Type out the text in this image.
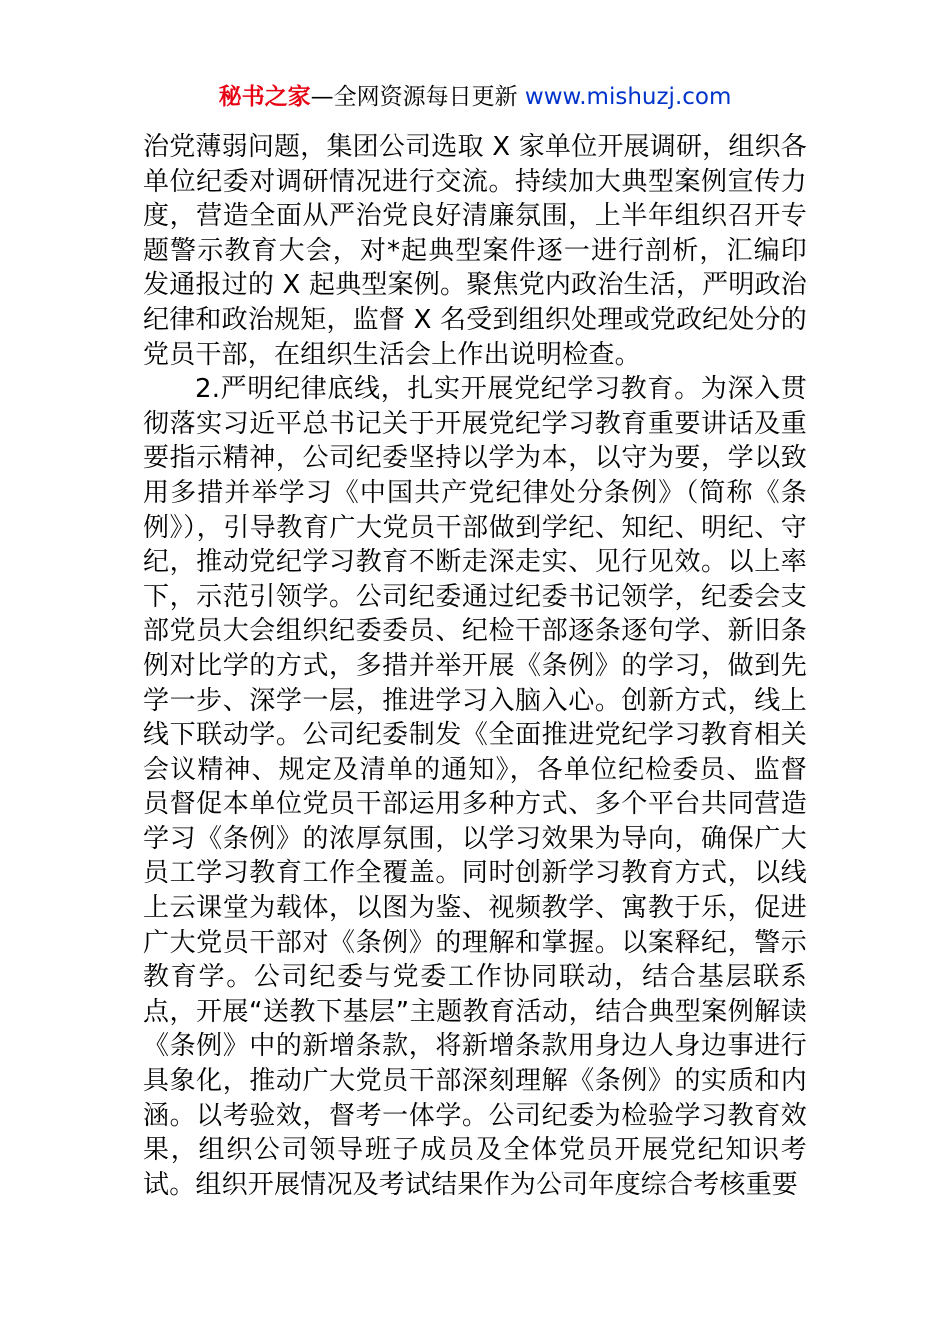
秘书之家—全网资源每日更新 www.mishuzj.com

治党薄弱问题，集团公司选取 X 家单位开展调研，组织各单位纪委对调研情况进行交流。持续加大典型案例宣传力度，营造全面从严治党良好清廉氛围，上半年组织召开专题警示教育大会，对*起典型案件逐一进行剖析，汇编印发通报过的 X 起典型案例。聚焦党内政治生活，严明政治纪律和政治规矩，监督 X 名受到组织处理或党政纪处分的党员干部，在组织生活会上作出说明检查。

2.严明纪律底线，扎实开展党纪学习教育。为深入贯彻落实习近平总书记关于开展党纪学习教育重要讲话及重要指示精神，公司纪委坚持以学为本，以守为要，学以致用多措并举学习《中国共产党纪律处分条例》（简称《条例》），引导教育广大党员干部做到学纪、知纪、明纪、守纪，推动党纪学习教育不断走深走实、见行见效。以上率下，示范引领学。公司纪委通过纪委书记领学，纪委会支部党员大会组织纪委委员、纪检干部逐条逐句学、新旧条例对比学的方式，多措并举开展《条例》的学习，做到先学一步、深学一层，推进学习入脑入心。创新方式，线上线下联动学。公司纪委制发《全面推进党纪学习教育相关会议精神、规定及清单的通知》，各单位纪检委员、监督员督促本单位党员干部运用多种方式、多个平台共同营造学习《条例》的浓厚氛围，以学习效果为导向，确保广大员工学习教育工作全覆盖。同时创新学习教育方式，以线上云课堂为载体，以图为鉴、视频教学、寓教于乐，促进广大党员干部对《条例》的理解和掌握。以案释纪，警示教育学。公司纪委与党委工作协同联动，结合基层联系点，开展“送教下基层”主题教育活动，结合典型案例解读《条例》中的新增条款，将新增条款用身边人身边事进行具象化，推动广大党员干部深刻理解《条例》的实质和内涵。以考验效，督考一体学。公司纪委为检验学习教育效果，组织公司领导班子成员及全体党员开展党纪知识考试。组织开展情况及考试结果作为公司年度综合考核重要
